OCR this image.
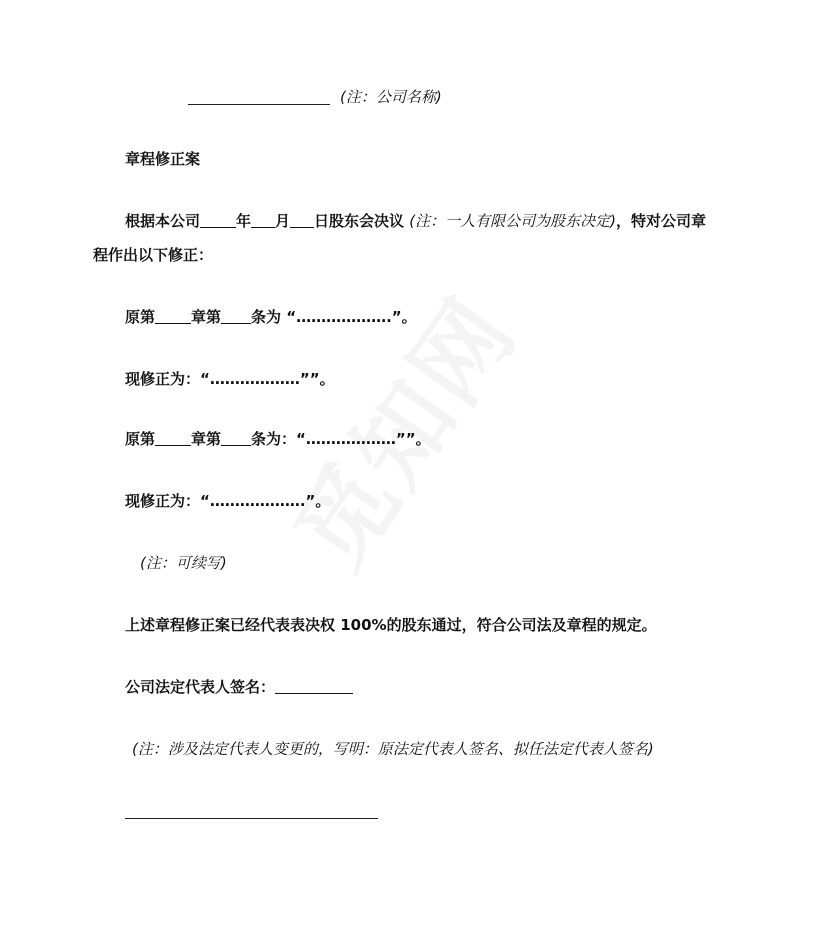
(注：公司名称)
章程修正案
根据本公司 年 月 日股东会决议 (注：一人有限公司为股东决定)，特对公司章
程作出以下修正：
原第 章第 条为 “……………….”。
现修正为：“………………””。
原第 章第 条为：“………………””。
现修正为：“……………….”。
(注：可续写)
上述章程修正案已经代表表决权 100%的股东通过，符合公司法及章程的规定。
公司法定代表人签名：
(注：涉及法定代表人变更的，写明：原法定代表人签名、拟任法定代表人签名)
